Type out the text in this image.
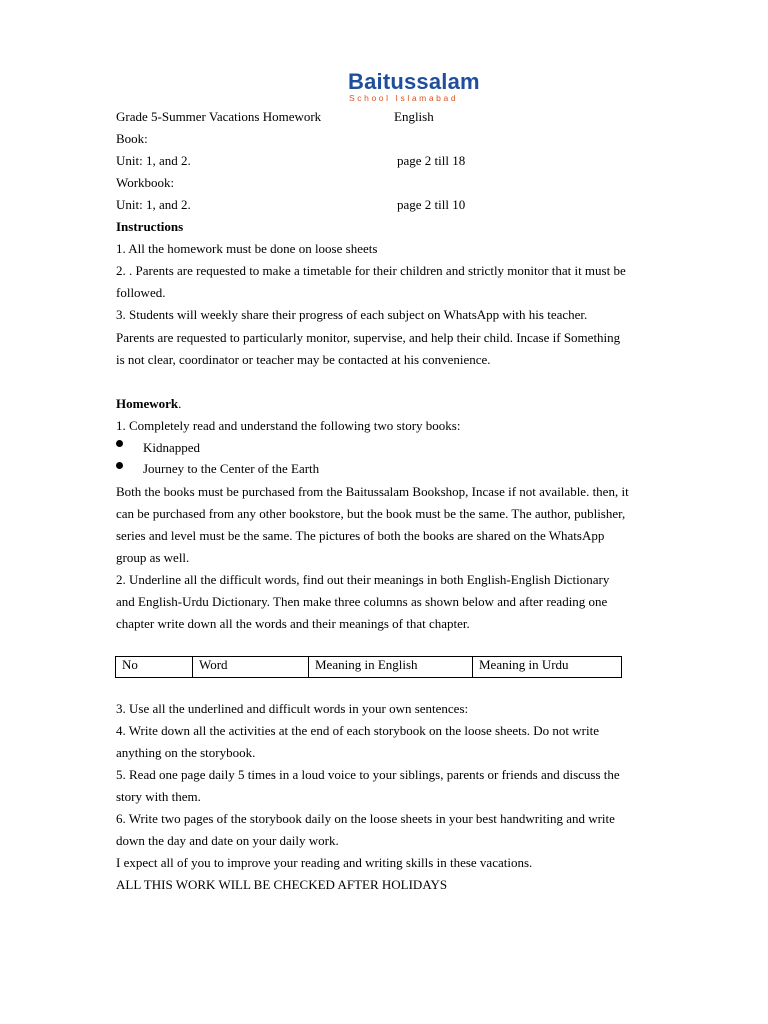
Baitussalam
School Islamabad
Grade 5-Summer Vacations Homework	English
Book:
Unit: 1, and 2.	page 2 till 18
Workbook:
Unit: 1, and 2.	page 2 till 10
Instructions
1. All the homework must be done on loose sheets
2. . Parents are requested to make a timetable for their children and strictly monitor that it must be
followed.
3. Students will weekly share their progress of each subject on WhatsApp with his teacher.
Parents are requested to particularly monitor, supervise, and help their child. Incase if Something
is not clear, coordinator or teacher may be contacted at his convenience.
Homework.
1. Completely read and understand the following two story books:
Kidnapped
Journey to the Center of the Earth
Both the books must be purchased from the Baitussalam Bookshop, Incase if not available. then, it
can be purchased from any other bookstore, but the book must be the same. The author, publisher,
series and level must be the same. The pictures of both the books are shared on the WhatsApp
group as well.
2. Underline all the difficult words, find out their meanings in both English-English Dictionary
and English-Urdu Dictionary. Then make three columns as shown below and after reading one
chapter write down all the words and their meanings of that chapter.
No	Word	Meaning in English	Meaning in Urdu
3. Use all the underlined and difficult words in your own sentences:
4. Write down all the activities at the end of each storybook on the loose sheets. Do not write
anything on the storybook.
5. Read one page daily 5 times in a loud voice to your siblings, parents or friends and discuss the
story with them.
6. Write two pages of the storybook daily on the loose sheets in your best handwriting and write
down the day and date on your daily work.
I expect all of you to improve your reading and writing skills in these vacations.
ALL THIS WORK WILL BE CHECKED AFTER HOLIDAYS
